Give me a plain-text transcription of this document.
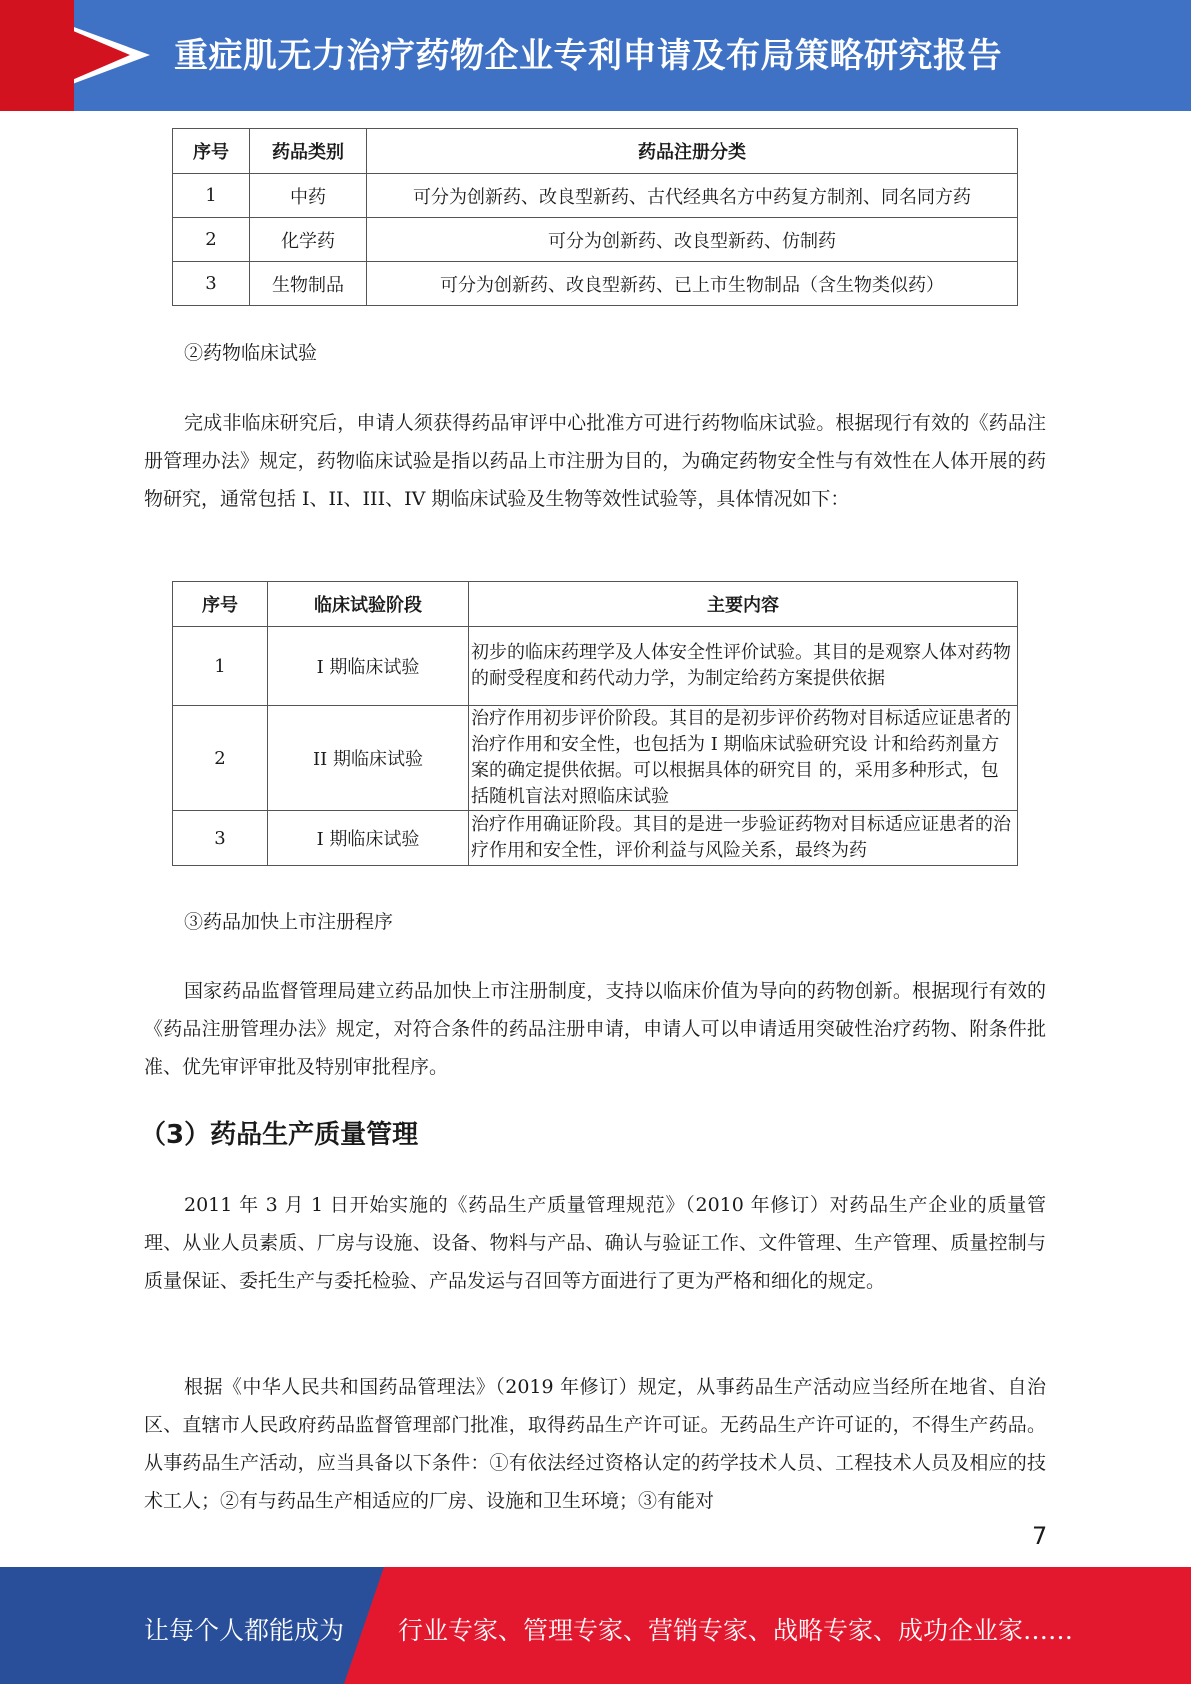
重症肌无力治疗药物企业专利申请及布局策略研究报告
序号	药品类别	药品注册分类
1	中药	可分为创新药、改良型新药、古代经典名方中药复方制剂、同名同方药
2	化学药	可分为创新药、改良型新药、仿制药
3	生物制品	可分为创新药、改良型新药、已上市生物制品（含生物类似药）

②药物临床试验

完成非临床研究后，申请人须获得药品审评中心批准方可进行药物临床试验。根据现行有效的《药品注册管理办法》规定，药物临床试验是指以药品上市注册为目的，为确定药物安全性与有效性在人体开展的药物研究，通常包括 I、II、III、IV 期临床试验及生物等效性试验等，具体情况如下：

序号	临床试验阶段	主要内容
1	I 期临床试验	初步的临床药理学及人体安全性评价试验。其目的是观察人体对药物的耐受程度和药代动力学，为制定给药方案提供依据
2	II 期临床试验	治疗作用初步评价阶段。其目的是初步评价药物对目标适应证患者的治疗作用和安全性，也包括为 I 期临床试验研究设 计和给药剂量方案的确定提供依据。可以根据具体的研究目 的，采用多种形式，包括随机盲法对照临床试验
3	I 期临床试验	治疗作用确证阶段。其目的是进一步验证药物对目标适应证患者的治疗作用和安全性，评价利益与风险关系，最终为药

③药品加快上市注册程序

国家药品监督管理局建立药品加快上市注册制度，支持以临床价值为导向的药物创新。根据现行有效的《药品注册管理办法》规定，对符合条件的药品注册申请，申请人可以申请适用突破性治疗药物、附条件批准、优先审评审批及特别审批程序。

（3）药品生产质量管理

2011 年 3 月 1 日开始实施的《药品生产质量管理规范》（2010 年修订）对药品生产企业的质量管理、从业人员素质、厂房与设施、设备、物料与产品、确认与验证工作、文件管理、生产管理、质量控制与质量保证、委托生产与委托检验、产品发运与召回等方面进行了更为严格和细化的规定。

根据《中华人民共和国药品管理法》（2019 年修订）规定，从事药品生产活动应当经所在地省、自治区、直辖市人民政府药品监督管理部门批准，取得药品生产许可证。无药品生产许可证的，不得生产药品。从事药品生产活动，应当具备以下条件：①有依法经过资格认定的药学技术人员、工程技术人员及相应的技术工人；②有与药品生产相适应的厂房、设施和卫生环境；③有能对

7
让每个人都能成为 行业专家、管理专家、营销专家、战略专家、成功企业家……
